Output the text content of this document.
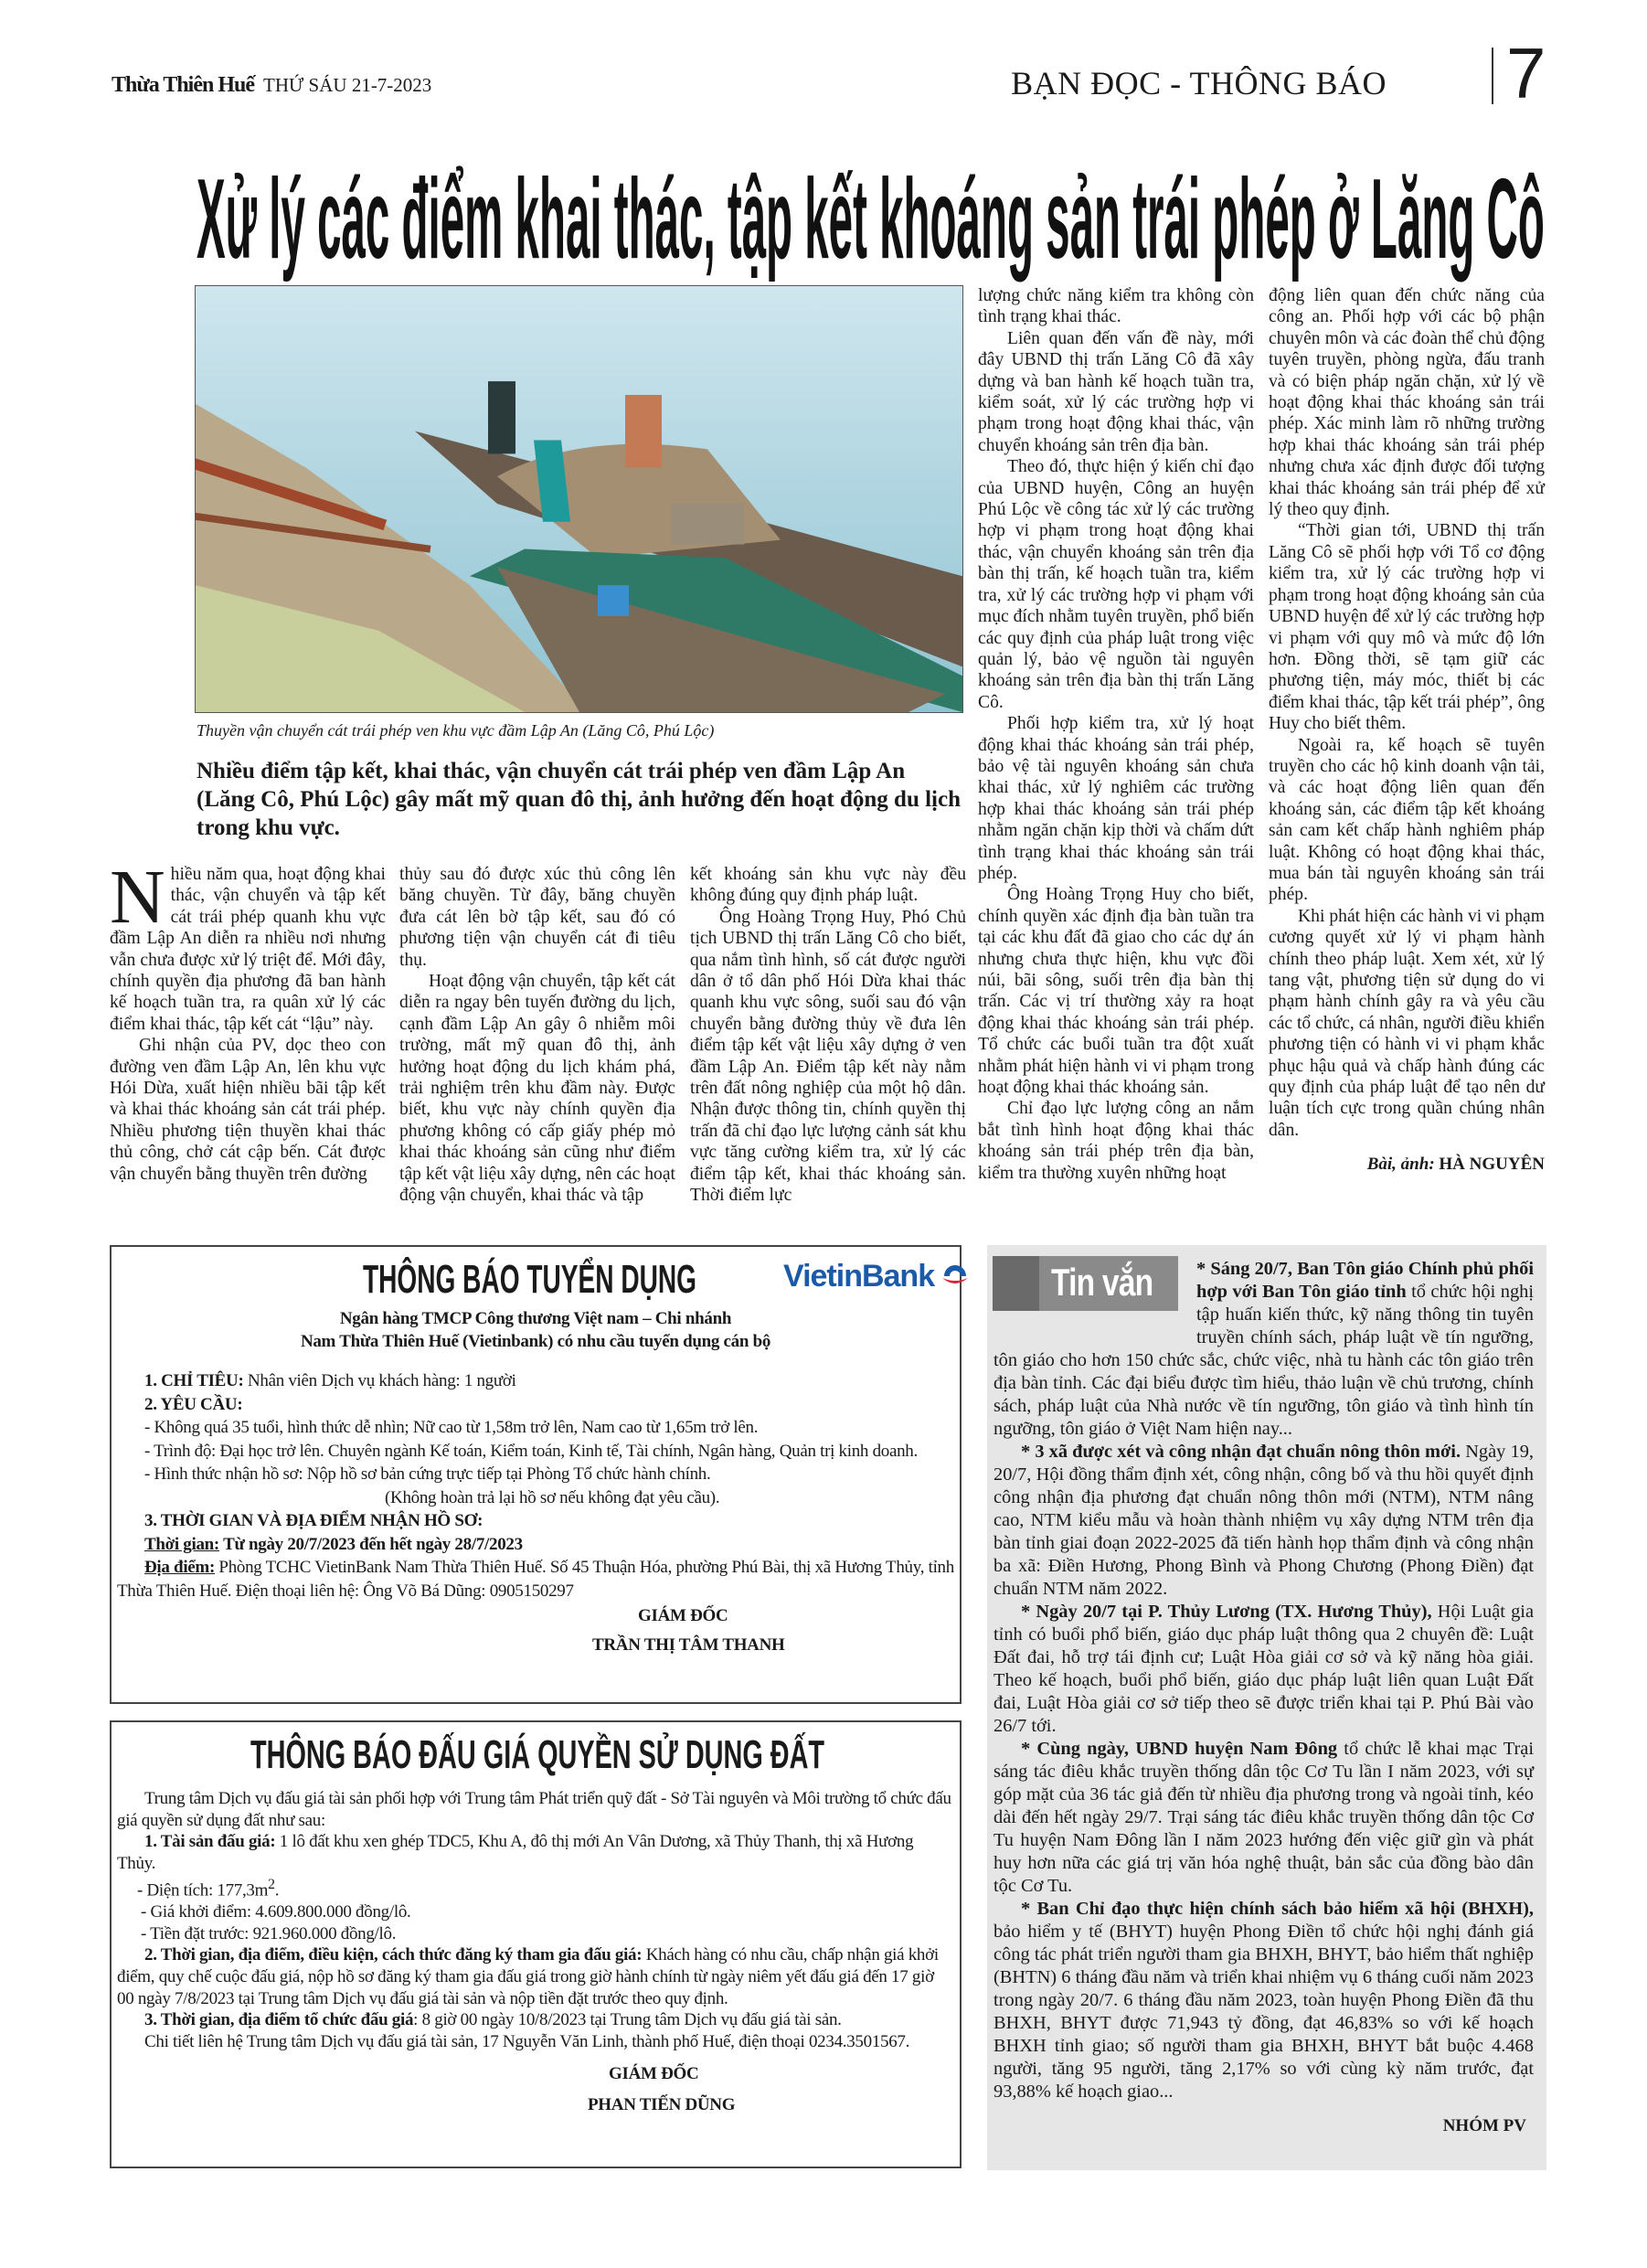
Thừa Thiên Huế THỨ SÁU 21-7-2023	BẠN ĐỌC - THÔNG BÁO 7
Xử lý các điểm khai thác, tập kết khoáng sản trái phép ở Lăng Cô
Thuyền vận chuyển cát trái phép ven khu vực đầm Lập An (Lăng Cô, Phú Lộc)
Nhiều điểm tập kết, khai thác, vận chuyển cát trái phép ven đầm Lập An (Lăng Cô, Phú Lộc) gây mất mỹ quan đô thị, ảnh hưởng đến hoạt động du lịch trong khu vực.

Nhiều năm qua, hoạt động khai thác, vận chuyển và tập kết cát trái phép quanh khu vực đầm Lập An diễn ra nhiều nơi nhưng vẫn chưa được xử lý triệt để. Mới đây, chính quyền địa phương đã ban hành kế hoạch tuần tra, ra quân xử lý các điểm khai thác, tập kết cát “lậu” này.

Ghi nhận của PV, dọc theo con đường ven đầm Lập An, lên khu vực Hói Dừa, xuất hiện nhiều bãi tập kết và khai thác khoáng sản cát trái phép. Nhiều phương tiện thuyền khai thác thủ công, chở cát cập bến. Cát được vận chuyển bằng thuyền trên đường

thủy sau đó được xúc thủ công lên băng chuyền. Từ đây, băng chuyền đưa cát lên bờ tập kết, sau đó có phương tiện vận chuyển cát đi tiêu thụ.

Hoạt động vận chuyển, tập kết cát diễn ra ngay bên tuyến đường du lịch, cạnh đầm Lập An gây ô nhiễm môi trường, mất mỹ quan đô thị, ảnh hưởng hoạt động du lịch khám phá, trải nghiệm trên khu đầm này. Được biết, khu vực này chính quyền địa phương không có cấp giấy phép mỏ khai thác khoáng sản cũng như điểm tập kết vật liệu xây dựng, nên các hoạt động vận chuyển, khai thác và tập

kết khoáng sản khu vực này đều không đúng quy định pháp luật.

Ông Hoàng Trọng Huy, Phó Chủ tịch UBND thị trấn Lăng Cô cho biết, qua nắm tình hình, số cát được người dân ở tổ dân phố Hói Dừa khai thác quanh khu vực sông, suối sau đó vận chuyển bằng đường thủy về đưa lên điểm tập kết vật liệu xây dựng ở ven đầm Lập An. Điểm tập kết này nằm trên đất nông nghiệp của một hộ dân. Nhận được thông tin, chính quyền thị trấn đã chỉ đạo lực lượng cảnh sát khu vực tăng cường kiểm tra, xử lý các điểm tập kết, khai thác khoáng sản. Thời điểm lực

lượng chức năng kiểm tra không còn tình trạng khai thác.

Liên quan đến vấn đề này, mới đây UBND thị trấn Lăng Cô đã xây dựng và ban hành kế hoạch tuần tra, kiểm soát, xử lý các trường hợp vi phạm trong hoạt động khai thác, vận chuyển khoáng sản trên địa bàn.

Theo đó, thực hiện ý kiến chỉ đạo của UBND huyện, Công an huyện Phú Lộc về công tác xử lý các trường hợp vi phạm trong hoạt động khai thác, vận chuyển khoáng sản trên địa bàn thị trấn, kế hoạch tuần tra, kiểm tra, xử lý các trường hợp vi phạm với mục đích nhằm tuyên truyền, phổ biến các quy định của pháp luật trong việc quản lý, bảo vệ nguồn tài nguyên khoáng sản trên địa bàn thị trấn Lăng Cô.

Phối hợp kiểm tra, xử lý hoạt động khai thác khoáng sản trái phép, bảo vệ tài nguyên khoáng sản chưa khai thác, xử lý nghiêm các trường hợp khai thác khoáng sản trái phép nhằm ngăn chặn kịp thời và chấm dứt tình trạng khai thác khoáng sản trái phép.

Ông Hoàng Trọng Huy cho biết, chính quyền xác định địa bàn tuần tra tại các khu đất đã giao cho các dự án nhưng chưa thực hiện, khu vực đồi núi, bãi sông, suối trên địa bàn thị trấn. Các vị trí thường xảy ra hoạt động khai thác khoáng sản trái phép. Tổ chức các buổi tuần tra đột xuất nhằm phát hiện hành vi vi phạm trong hoạt động khai thác khoáng sản.

Chỉ đạo lực lượng công an nắm bắt tình hình hoạt động khai thác khoáng sản trái phép trên địa bàn, kiểm tra thường xuyên những hoạt

động liên quan đến chức năng của công an. Phối hợp với các bộ phận chuyên môn và các đoàn thể chủ động tuyên truyền, phòng ngừa, đấu tranh và có biện pháp ngăn chặn, xử lý về hoạt động khai thác khoáng sản trái phép. Xác minh làm rõ những trường hợp khai thác khoáng sản trái phép nhưng chưa xác định được đối tượng khai thác khoáng sản trái phép để xử lý theo quy định.

“Thời gian tới, UBND thị trấn Lăng Cô sẽ phối hợp với Tổ cơ động kiểm tra, xử lý các trường hợp vi phạm trong hoạt động khoáng sản của UBND huyện để xử lý các trường hợp vi phạm với quy mô và mức độ lớn hơn. Đồng thời, sẽ tạm giữ các phương tiện, máy móc, thiết bị các điểm khai thác, tập kết trái phép”, ông Huy cho biết thêm.

Ngoài ra, kế hoạch sẽ tuyên truyền cho các hộ kinh doanh vận tải, và các hoạt động liên quan đến khoáng sản, các điểm tập kết khoáng sản cam kết chấp hành nghiêm pháp luật. Không có hoạt động khai thác, mua bán tài nguyên khoáng sản trái phép.

Khi phát hiện các hành vi vi phạm cương quyết xử lý vi phạm hành chính theo pháp luật. Xem xét, xử lý tang vật, phương tiện sử dụng do vi phạm hành chính gây ra và yêu cầu các tổ chức, cá nhân, người điều khiển phương tiện có hành vi vi phạm khắc phục hậu quả và chấp hành đúng các quy định của pháp luật để tạo nên dư luận tích cực trong quần chúng nhân dân.

Bài, ảnh: HÀ NGUYÊN
THÔNG BÁO TUYỂN DỤNG	VietinBank
Ngân hàng TMCP Công thương Việt nam – Chi nhánh
Nam Thừa Thiên Huế (Vietinbank) có nhu cầu tuyển dụng cán bộ

1. CHỈ TIÊU: Nhân viên Dịch vụ khách hàng: 1 người

2. YÊU CẦU:

- Không quá 35 tuổi, hình thức dễ nhìn; Nữ cao từ 1,58m trở lên, Nam cao từ 1,65m trở lên.

- Trình độ: Đại học trở lên. Chuyên ngành Kế toán, Kiểm toán, Kinh tế, Tài chính, Ngân hàng, Quản trị kinh doanh.

- Hình thức nhận hồ sơ: Nộp hồ sơ bản cứng trực tiếp tại Phòng Tổ chức hành chính.

(Không hoàn trả lại hồ sơ nếu không đạt yêu cầu).

3. THỜI GIAN VÀ ĐỊA ĐIỂM NHẬN HỒ SƠ:

Thời gian: Từ ngày 20/7/2023 đến hết ngày 28/7/2023

Địa điểm: Phòng TCHC VietinBank Nam Thừa Thiên Huế. Số 45 Thuận Hóa, phường Phú Bài, thị xã Hương Thủy, tỉnh Thừa Thiên Huế. Điện thoại liên hệ: Ông Võ Bá Dũng: 0905150297

GIÁM ĐỐC

TRẦN THỊ TÂM THANH

THÔNG BÁO ĐẤU GIÁ QUYỀN SỬ DỤNG ĐẤT

Trung tâm Dịch vụ đấu giá tài sản phối hợp với Trung tâm Phát triển quỹ đất - Sở Tài nguyên và Môi trường tổ chức đấu giá quyền sử dụng đất như sau:

1. Tài sản đấu giá: 1 lô đất khu xen ghép TDC5, Khu A, đô thị mới An Vân Dương, xã Thủy Thanh, thị xã Hương Thủy.

- Diện tích: $177,3m^2$.

- Giá khởi điểm: 4.609.800.000 đồng/lô.

- Tiền đặt trước: 921.960.000 đồng/lô.

2. Thời gian, địa điểm, điều kiện, cách thức đăng ký tham gia đấu giá: Khách hàng có nhu cầu, chấp nhận giá khởi điểm, quy chế cuộc đấu giá, nộp hồ sơ đăng ký tham gia đấu giá trong giờ hành chính từ ngày niêm yết đấu giá đến 17 giờ 00 ngày 7/8/2023 tại Trung tâm Dịch vụ đấu giá tài sản và nộp tiền đặt trước theo quy định.

3. Thời gian, địa điểm tổ chức đấu giá: 8 giờ 00 ngày 10/8/2023 tại Trung tâm Dịch vụ đấu giá tài sản.

Chi tiết liên hệ Trung tâm Dịch vụ đấu giá tài sản, 17 Nguyễn Văn Linh, thành phố Huế, điện thoại 0234.3501567.

GIÁM ĐỐC

PHAN TIẾN DŨNG

Tin vắn	* Sáng 20/7, Ban Tôn giáo Chính phủ phối hợp với Ban Tôn giáo tỉnh tổ chức hội nghị tập huấn kiến thức, kỹ năng thông tin tuyên truyền chính sách, pháp luật về tín ngưỡng, tôn giáo cho hơn 150 chức sắc, chức việc, nhà tu hành các tôn giáo trên địa bàn tỉnh. Các đại biểu được tìm hiểu, thảo luận về chủ trương, chính sách, pháp luật của Nhà nước về tín ngưỡng, tôn giáo và tình hình tín ngưỡng, tôn giáo ở Việt Nam hiện nay...

* 3 xã được xét và công nhận đạt chuẩn nông thôn mới. Ngày 19, 20/7, Hội đồng thẩm định xét, công nhận, công bố và thu hồi quyết định công nhận địa phương đạt chuẩn nông thôn mới (NTM), NTM nâng cao, NTM kiểu mẫu và hoàn thành nhiệm vụ xây dựng NTM trên địa bàn tỉnh giai đoạn 2022-2025 đã tiến hành họp thẩm định và công nhận ba xã: Điền Hương, Phong Bình và Phong Chương (Phong Điền) đạt chuẩn NTM năm 2022.

* Ngày 20/7 tại P. Thủy Lương (TX. Hương Thủy), Hội Luật gia tỉnh có buổi phổ biến, giáo dục pháp luật thông qua 2 chuyên đề: Luật Đất đai, hỗ trợ tái định cư; Luật Hòa giải cơ sở và kỹ năng hòa giải. Theo kế hoạch, buổi phổ biến, giáo dục pháp luật liên quan Luật Đất đai, Luật Hòa giải cơ sở tiếp theo sẽ được triển khai tại P. Phú Bài vào 26/7 tới.

* Cùng ngày, UBND huyện Nam Đông tổ chức lễ khai mạc Trại sáng tác điêu khắc truyền thống dân tộc Cơ Tu lần I năm 2023, với sự góp mặt của 36 tác giả đến từ nhiều địa phương trong và ngoài tỉnh, kéo dài đến hết ngày 29/7. Trại sáng tác điêu khắc truyền thống dân tộc Cơ Tu huyện Nam Đông lần I năm 2023 hướng đến việc giữ gìn và phát huy hơn nữa các giá trị văn hóa nghệ thuật, bản sắc của đồng bào dân tộc Cơ Tu.

* Ban Chỉ đạo thực hiện chính sách bảo hiểm xã hội (BHXH), bảo hiểm y tế (BHYT) huyện Phong Điền tổ chức hội nghị đánh giá công tác phát triển người tham gia BHXH, BHYT, bảo hiểm thất nghiệp (BHTN) 6 tháng đầu năm và triển khai nhiệm vụ 6 tháng cuối năm 2023 trong ngày 20/7. 6 tháng đầu năm 2023, toàn huyện Phong Điền đã thu BHXH, BHYT được 71,943 tỷ đồng, đạt 46,83% so với kế hoạch BHXH tỉnh giao; số người tham gia BHXH, BHYT bắt buộc 4.468 người, tăng 95 người, tăng 2,17% so với cùng kỳ năm trước, đạt 93,88% kế hoạch giao...

NHÓM PV
